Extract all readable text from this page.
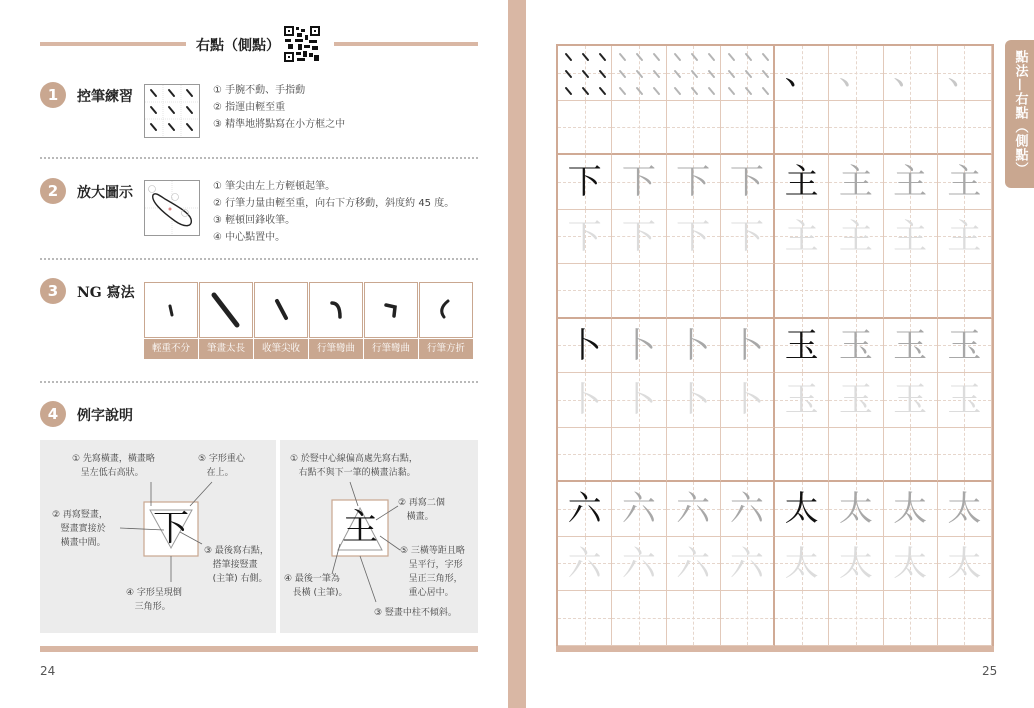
右點（側點）
1	控筆練習	① 手腕不動、手指動
② 指運由輕至重
③ 精準地將點寫在小方框之中
2	放大圖示	① 筆尖由左上方輕頓起筆。
② 行筆力量由輕至重，向右下方移動，斜度約 45 度。
③ 輕頓回鋒收筆。
④ 中心點置中。
3	NG 寫法
輕重不分	筆畫太長	收筆尖收	行筆彎曲	行筆彎曲	行筆方折
4	例字說明
下
① 先寫橫畫，橫畫略
呈左低右高狀。
⑤ 字形重心
在上。
② 再寫豎畫，
豎畫實接於
橫畫中間。
③ 最後寫右點，
搭筆接豎畫
(主筆) 右側。
④ 字形呈現倒
三角形。
主
① 於豎中心線偏高處先寫右點，
右點不與下一筆的橫畫沾黏。
② 再寫二個
橫畫。
⑤ 三橫等距且略
呈平行，字形
呈正三角形，
重心居中。
④ 最後一筆為
長橫 (主筆)。
③ 豎畫中柱不傾斜。
24
、 、 、 、
下 下 下 下 主 主 主 主
下 下 下 下 主 主 主 主
卜 卜 卜 卜 玉 玉 玉 玉
卜 卜 卜 卜 玉 玉 玉 玉
六 六 六 六 太 太 太 太
六 六 六 六 太 太 太 太
點法—右點（側點）
25
